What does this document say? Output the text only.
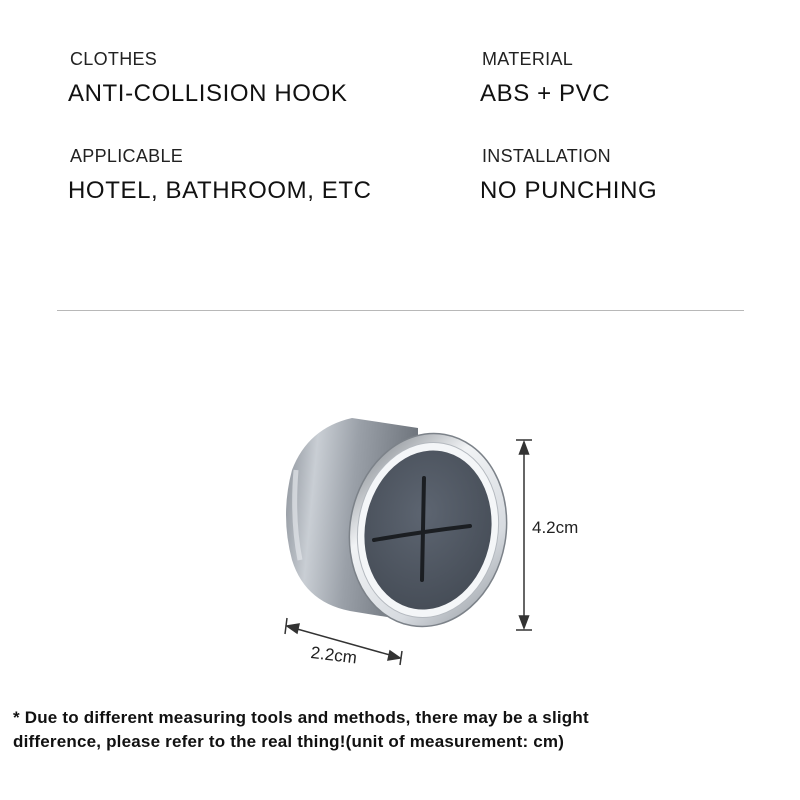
CLOTHES
ANTI-COLLISION HOOK
MATERIAL
ABS + PVC
APPLICABLE
HOTEL, BATHROOM, ETC
INSTALLATION
NO PUNCHING
4.2cm
2.2cm
* Due to different measuring tools and methods, there may be a slight
difference, please refer to the real thing!(unit of measurement: cm)
